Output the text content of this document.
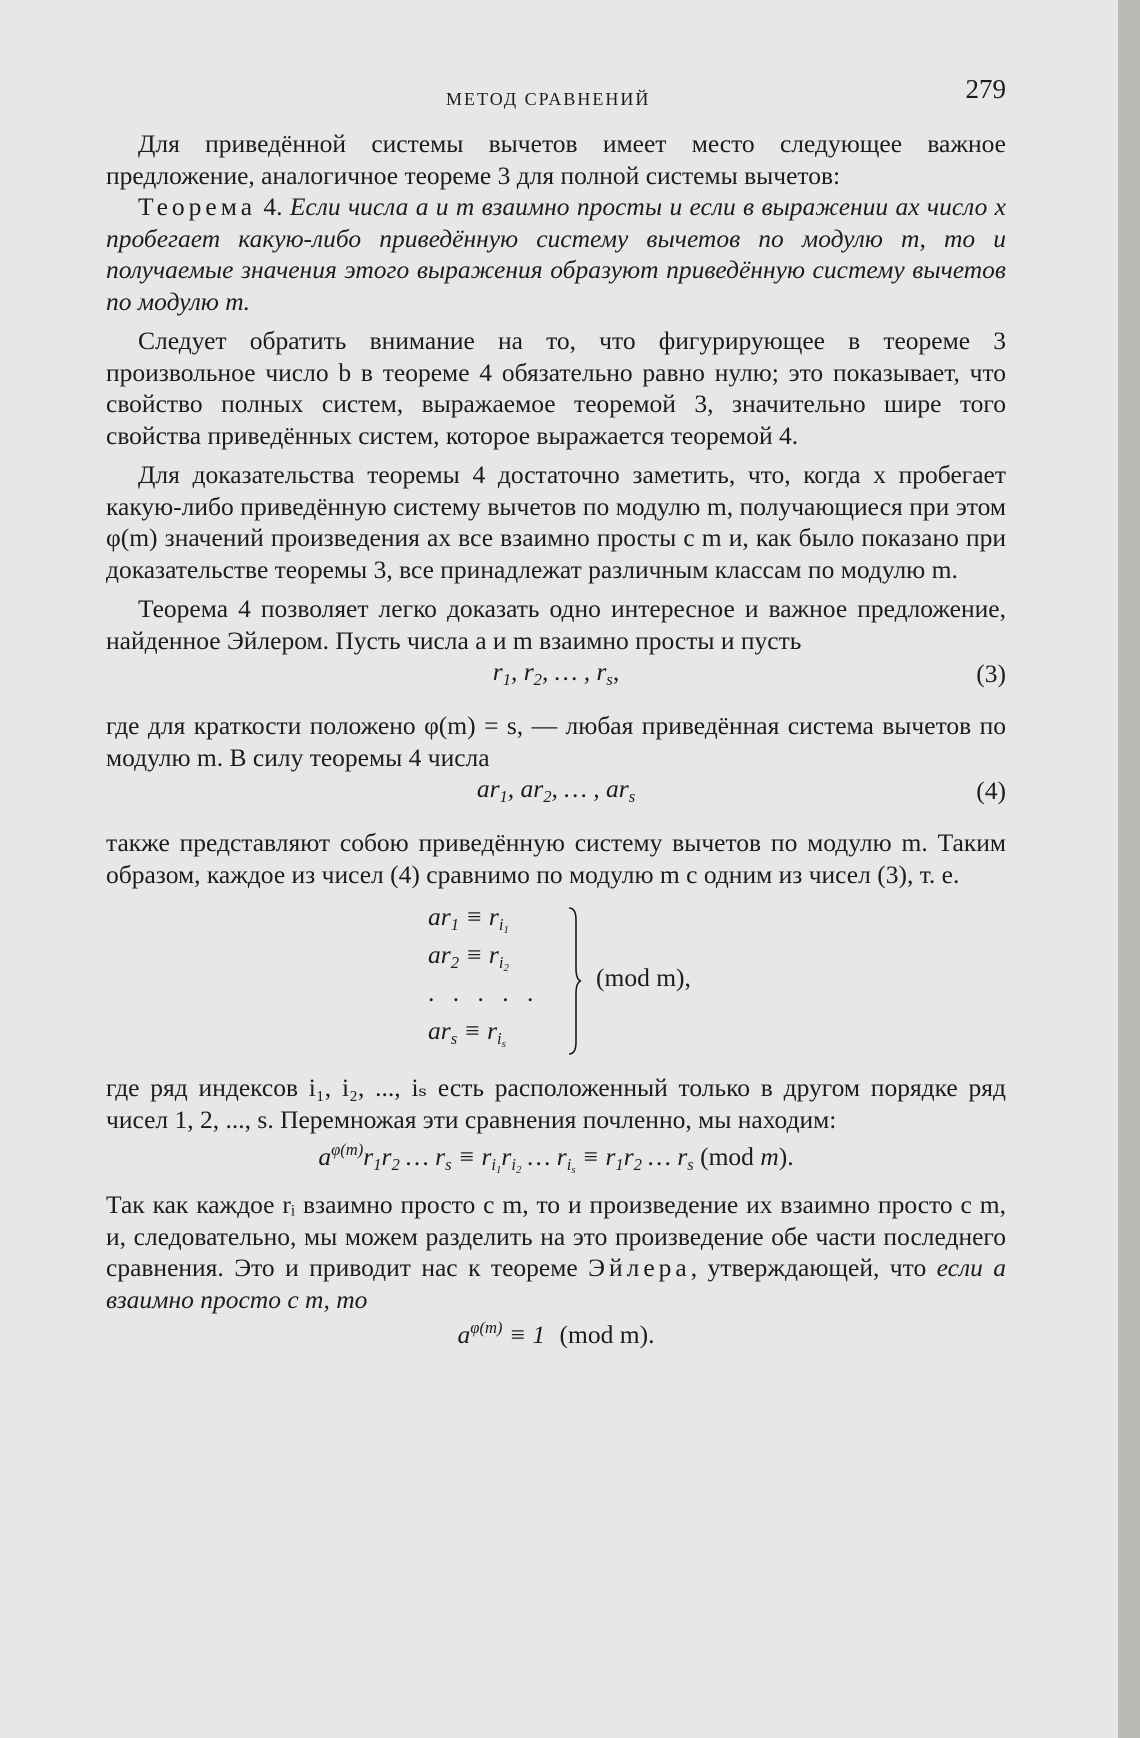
МЕТОД СРАВНЕНИЙ	279

Для приведённой системы вычетов имеет место следующее важное предложение, аналогичное теореме 3 для полной системы вычетов:

Теорема 4. Если числа a и m взаимно просты и если в выражении ax число x пробегает какую-либо приведённую систему вычетов по модулю m, то и получаемые значения этого выражения образуют приведённую систему вычетов по модулю m.

Следует обратить внимание на то, что фигурирующее в теореме 3 произвольное число b в теореме 4 обязательно равно нулю; это показывает, что свойство полных систем, выражаемое теоремой 3, значительно шире того свойства приведённых систем, которое выражается теоремой 4.

Для доказательства теоремы 4 достаточно заметить, что, когда x пробегает какую-либо приведённую систему вычетов по модулю m, получающиеся при этом φ(m) значений произведения ax все взаимно просты с m и, как было показано при доказательстве теоремы 3, все принадлежат различным классам по модулю m.

Теорема 4 позволяет легко доказать одно интересное и важное предложение, найденное Эйлером. Пусть числа a и m взаимно просты и пусть

$r_1$, $r_2$, … , $r_s$,	(3)

где для краткости положено φ(m) = s, — любая приведённая система вычетов по модулю m. В силу теоремы 4 числа

$ar_1$, $ar_2$, … , $ar_s$	(4)

также представляют собою приведённую систему вычетов по модулю m. Таким образом, каждое из чисел (4) сравнимо по модулю m с одним из чисел (3), т. е.

$ar_1 \equiv r_{i_1}$
$ar_2 \equiv r_{i_2}$
. . . . .
$ar_s \equiv r_{i_s}$
(mod m),

где ряд индексов i₁, i₂, ..., iₛ есть расположенный только в другом порядке ряд чисел 1, 2, ..., s. Перемножая эти сравнения почленно, мы находим:

$a^{\varphi(m)}r_1r_2$ … $r_s \equiv r_{i_1}r_{i_2}$ … $r_{i_s} \equiv r_1r_2$ … $r_s$ (mod m).

Так как каждое rᵢ взаимно просто с m, то и произведение их взаимно просто с m, и, следовательно, мы можем разделить на это произведение обе части последнего сравнения. Это и приводит нас к теореме Эйлера, утверждающей, что если a взаимно просто с m, то

$a^{\varphi(m)} \equiv 1$ (mod m).
